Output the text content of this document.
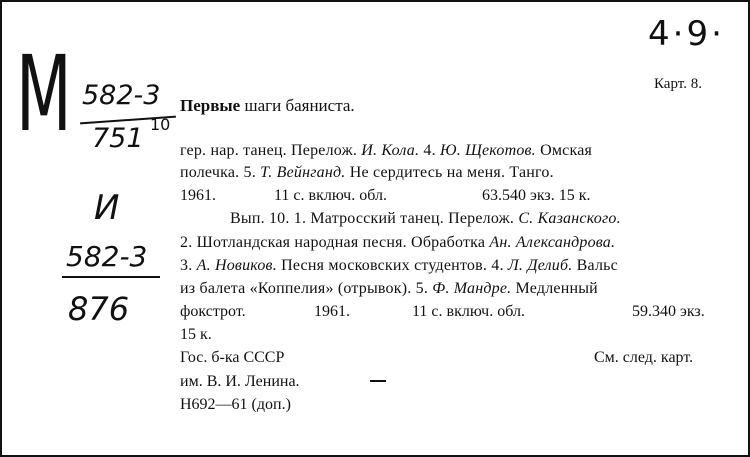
4·9·
М 582-3
751 10
И
582-3
876
Карт. 8.
Первые шаги баяниста.
гер. нар. танец. Перелож. И. Кола. 4. Ю. Щекотов. Омская
полечка. 5. Т. Вейнганд. Не сердитесь на меня. Танго.
1961.	11 с. включ. обл.	63.540 экз. 15 к.
Вып. 10. 1. Матросский танец. Перелож. С. Казанского.
2. Шотландская народная песня. Обработка Ан. Александрова.
3. А. Новиков. Песня московских студентов. 4. Л. Делиб. Вальс
из балета «Коппелия» (отрывок). 5. Ф. Мандре. Медленный
фокстрот.	1961.	11 с. включ. обл.	59.340 экз.
15 к.
Гос. б-ка СССР
им. В. И. Ленина.
Н692—61 (доп.)
См. след. карт.
